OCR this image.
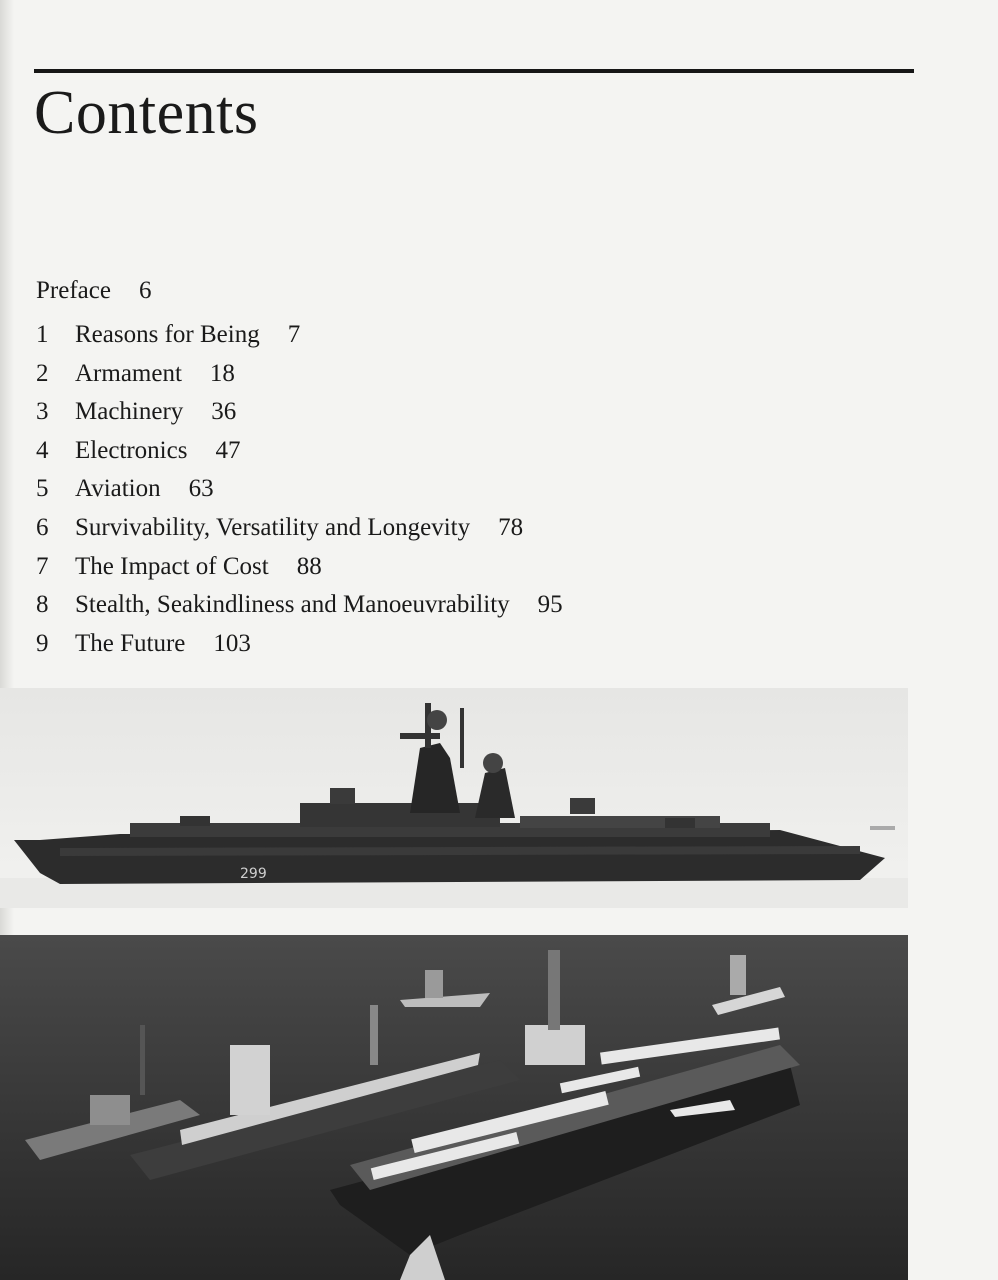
Contents
Preface 6
1	Reasons for Being 7
2	Armament 18
3	Machinery 36
4	Electronics 47
5	Aviation 63
6	Survivability, Versatility and Longevity 78
7	The Impact of Cost 88
8	Stealth, Seakindliness and Manoeuvrability 95
9	The Future 103
299
